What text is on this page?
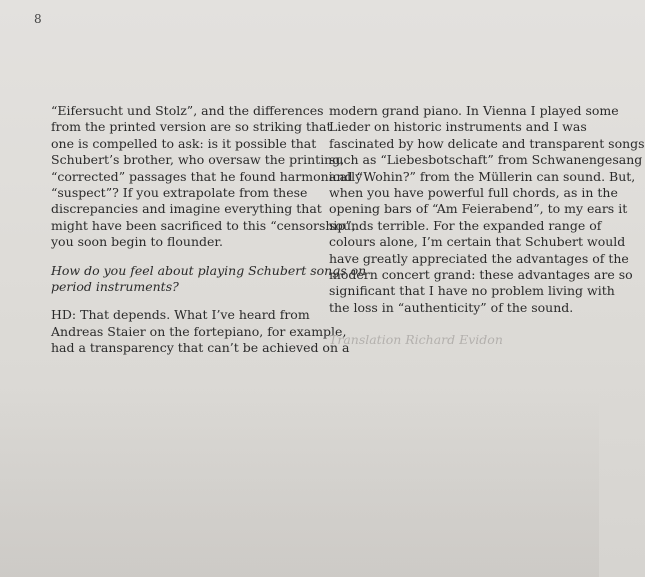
8
“Eifersucht und Stolz”, and the differences
from the printed version are so striking that
one is compelled to ask: is it possible that
Schubert’s brother, who oversaw the printing,
“corrected” passages that he found harmonically
“suspect”? If you extrapolate from these
discrepancies and imagine everything that
might have been sacrificed to this “censorship”,
you soon begin to flounder.
How do you feel about playing Schubert songs on
period instruments?
HD: That depends. What I’ve heard from
Andreas Staier on the fortepiano, for example,
had a transparency that can’t be achieved on a
modern grand piano. In Vienna I played some
Lieder on historic instruments and I was
fascinated by how delicate and transparent songs
such as “Liebesbotschaft” from Schwanengesang
and “Wohin?” from the Müllerin can sound. But,
when you have powerful full chords, as in the
opening bars of “Am Feierabend”, to my ears it
sounds terrible. For the expanded range of
colours alone, I’m certain that Schubert would
have greatly appreciated the advantages of the
modern concert grand: these advantages are so
significant that I have no problem living with
the loss in “authenticity” of the sound.
Translation Richard Evidon
